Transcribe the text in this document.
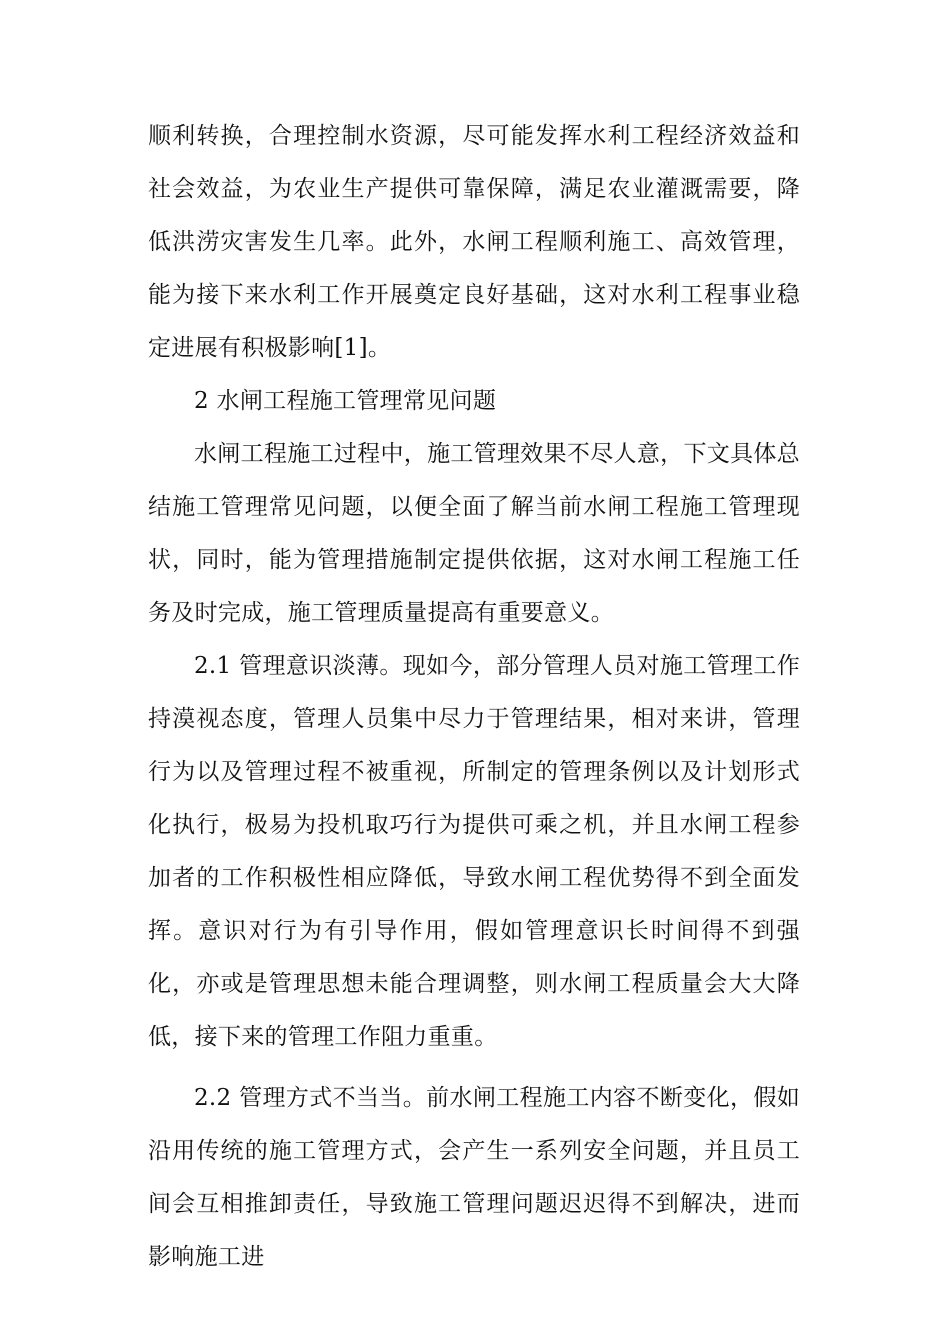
顺利转换，合理控制水资源，尽可能发挥水利工程经济效益和社会效益，为农业生产提供可靠保障，满足农业灌溉需要，降低洪涝灾害发生几率。此外，水闸工程顺利施工、高效管理，能为接下来水利工作开展奠定良好基础，这对水利工程事业稳定进展有积极影响[1]。

2 水闸工程施工管理常见问题

水闸工程施工过程中，施工管理效果不尽人意，下文具体总结施工管理常见问题，以便全面了解当前水闸工程施工管理现状，同时，能为管理措施制定提供依据，这对水闸工程施工任务及时完成，施工管理质量提高有重要意义。

2.1 管理意识淡薄。现如今，部分管理人员对施工管理工作持漠视态度，管理人员集中尽力于管理结果，相对来讲，管理行为以及管理过程不被重视，所制定的管理条例以及计划形式化执行，极易为投机取巧行为提供可乘之机，并且水闸工程参加者的工作积极性相应降低，导致水闸工程优势得不到全面发挥。意识对行为有引导作用，假如管理意识长时间得不到强化，亦或是管理思想未能合理调整，则水闸工程质量会大大降低，接下来的管理工作阻力重重。

2.2 管理方式不当当。前水闸工程施工内容不断变化，假如沿用传统的施工管理方式，会产生一系列安全问题，并且员工间会互相推卸责任，导致施工管理问题迟迟得不到解决，进而影响施工进
